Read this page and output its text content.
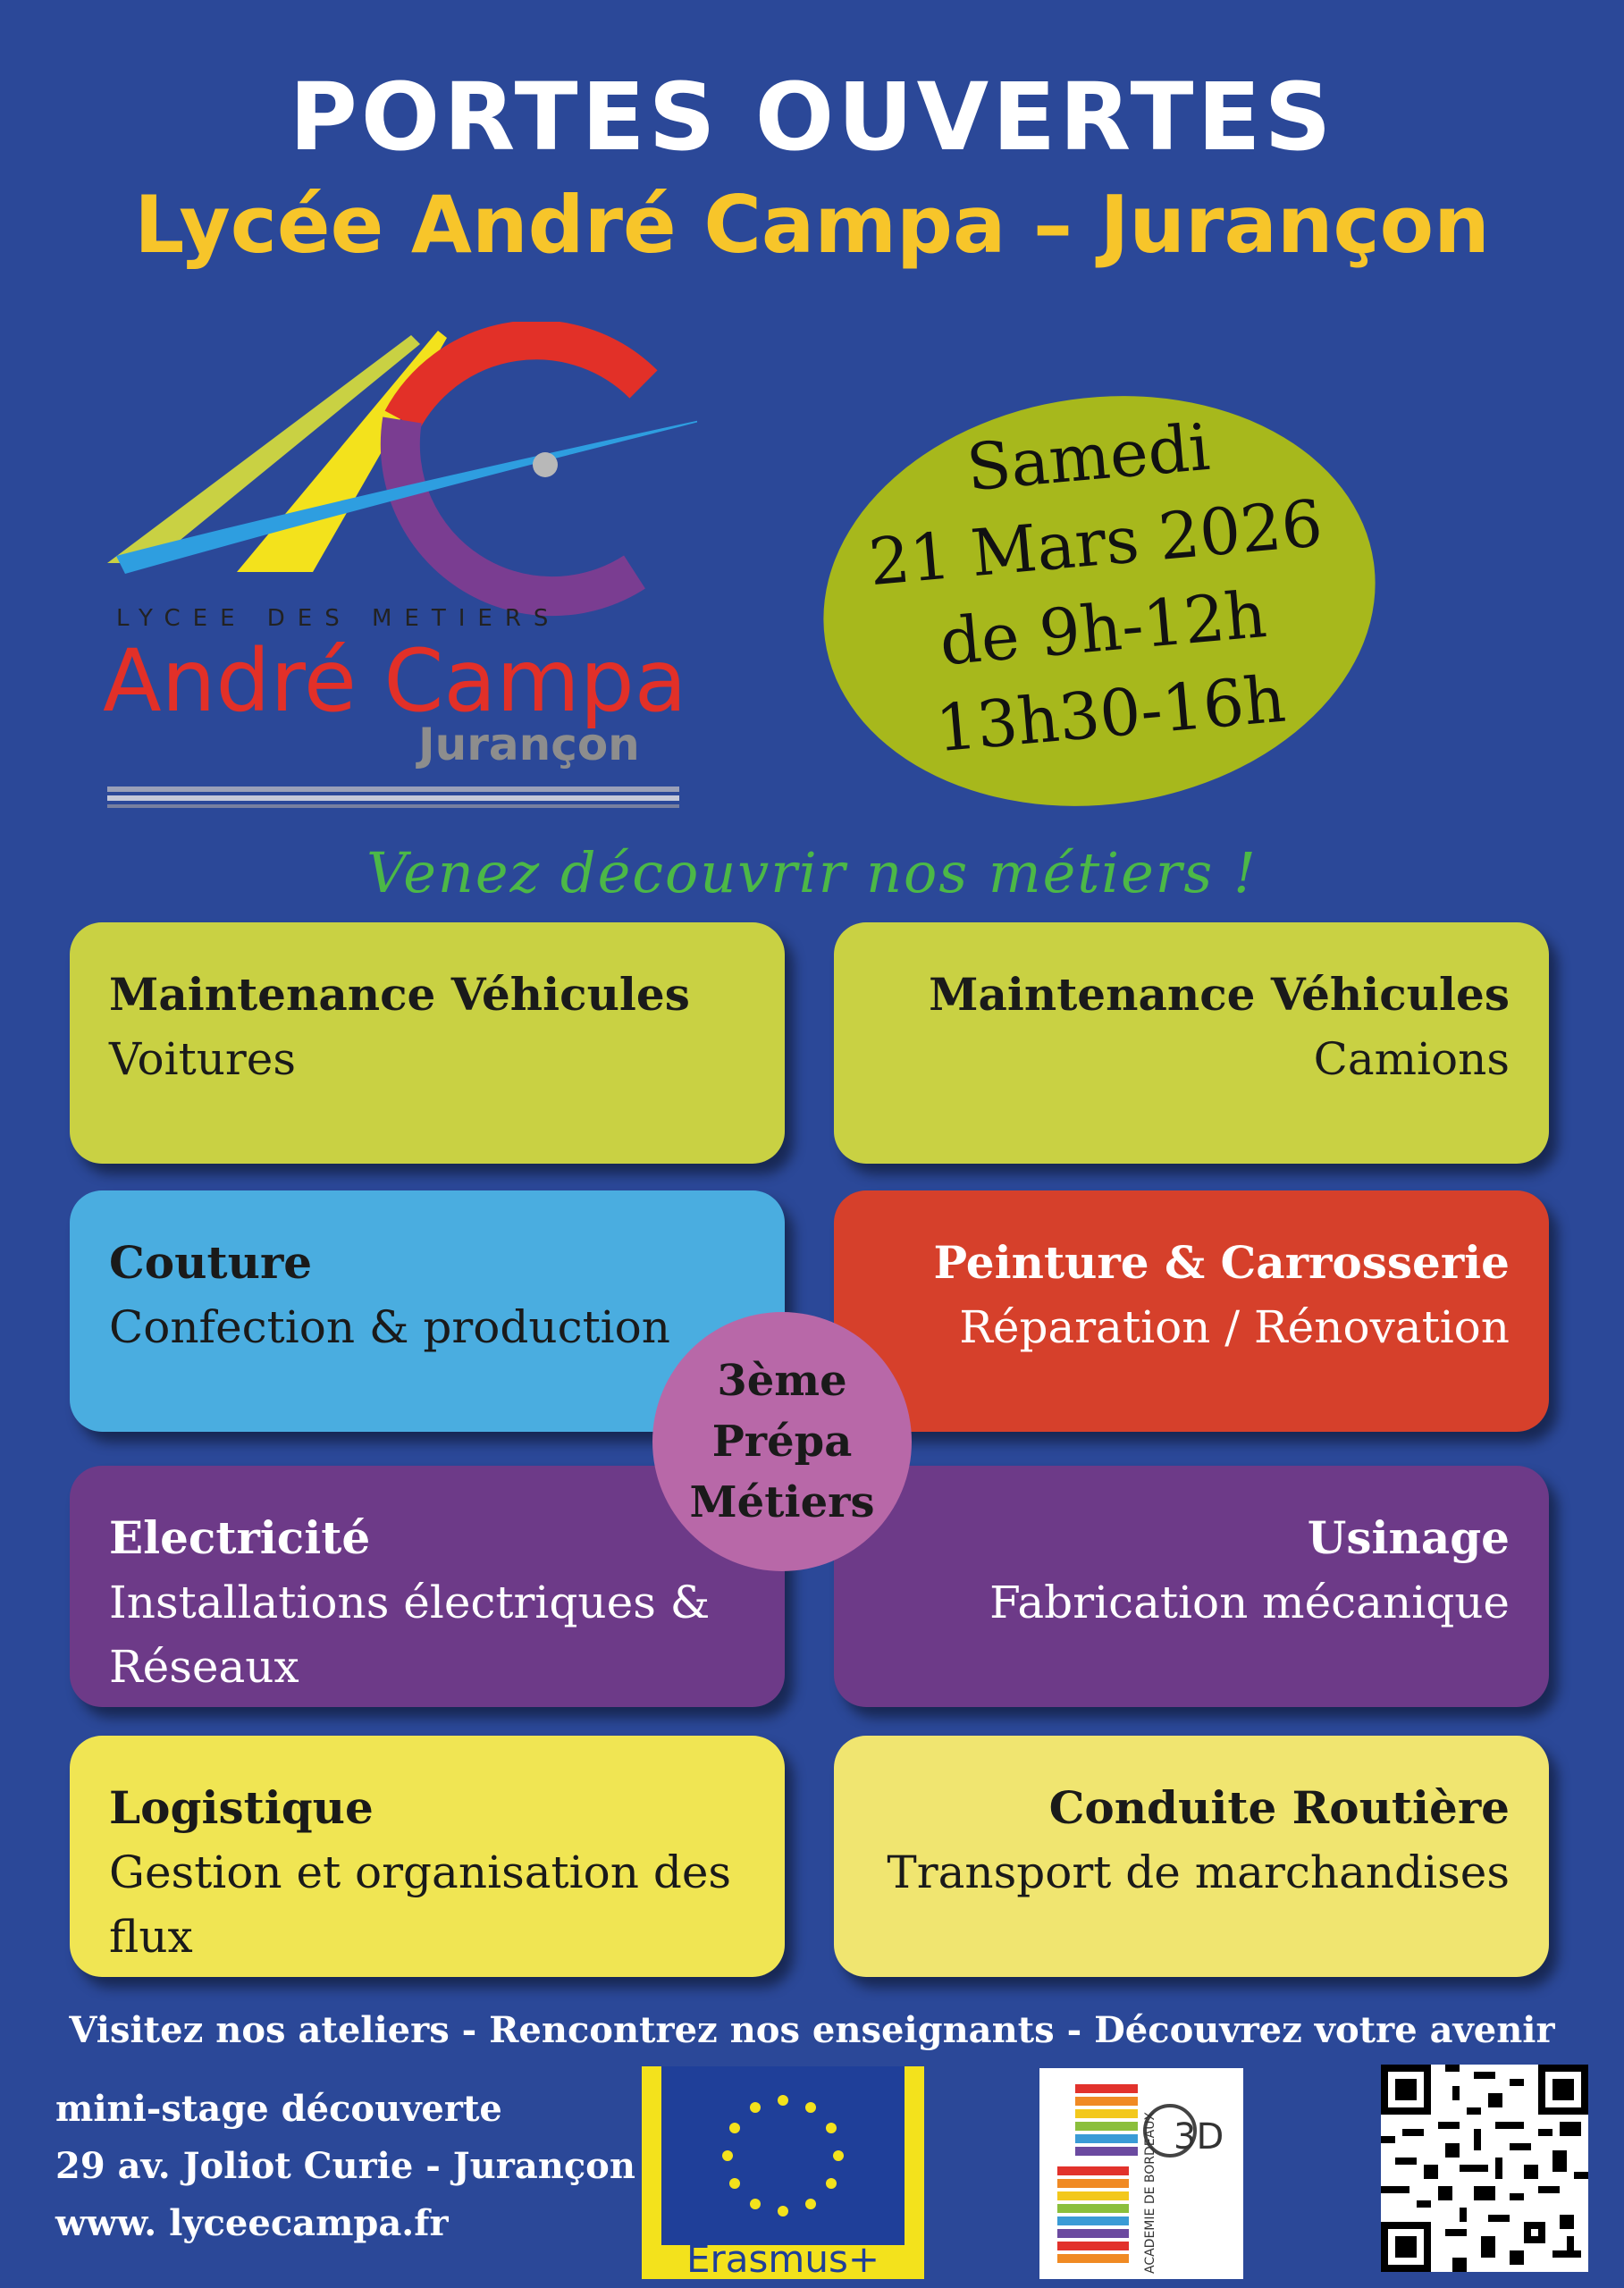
PORTES OUVERTES
Lycée André Campa – Jurançon
LYCEE DES METIERS
André Campa
Jurançon
Samedi
21 Mars 2026
de 9h-12h
13h30-16h
Venez découvrir nos métiers !
Maintenance Véhicules
Voitures
Maintenance Véhicules
Camions
Couture
Confection & production
Peinture & Carrosserie
Réparation / Rénovation
Electricité
Installations électriques & Réseaux
Usinage
Fabrication mécanique
Logistique
Gestion et organisation des flux
Conduite Routière
Transport de marchandises
3ème
Prépa
Métiers
Visitez nos ateliers - Rencontrez nos enseignants - Découvrez votre avenir
mini-stage découverte
29 av. Joliot Curie - Jurançon
www. lyceecampa.fr
Erasmus+
3D
ACADEMIE DE BORDEAUX
